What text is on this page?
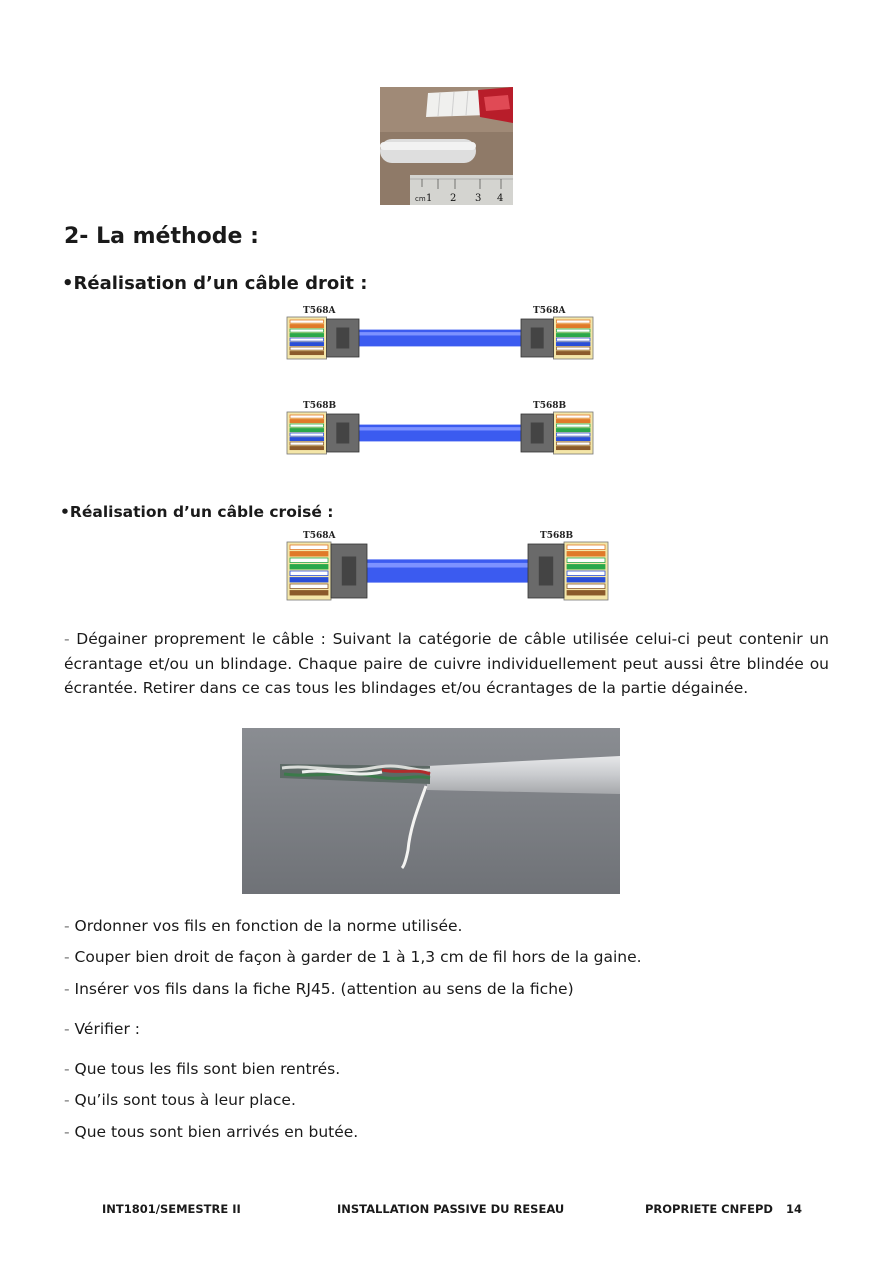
cm 1 2 3 4
2- La méthode :
•Réalisation d’un câble droit :
T568A	T568A
T568B	T568B
•Réalisation d’un câble croisé :
T568A	T568B
- Dégainer proprement le câble : Suivant la catégorie de câble utilisée celui-ci peut contenir un écrantage et/ou un blindage. Chaque paire de cuivre individuellement peut aussi être blindée ou écrantée. Retirer dans ce cas tous les blindages et/ou écrantages de la partie dégainée.
- Ordonner vos fils en fonction de la norme utilisée.
- Couper bien droit de façon à garder de 1 à 1,3 cm de fil hors de la gaine.
- Insérer vos fils dans la fiche RJ45. (attention au sens de la fiche)
- Vérifier :
- Que tous les fils sont bien rentrés.
- Qu’ils sont tous à leur place.
- Que tous sont bien arrivés en butée.
INT1801/SEMESTRE II	INSTALLATION PASSIVE DU RESEAU	PROPRIETE CNFEPD 14
